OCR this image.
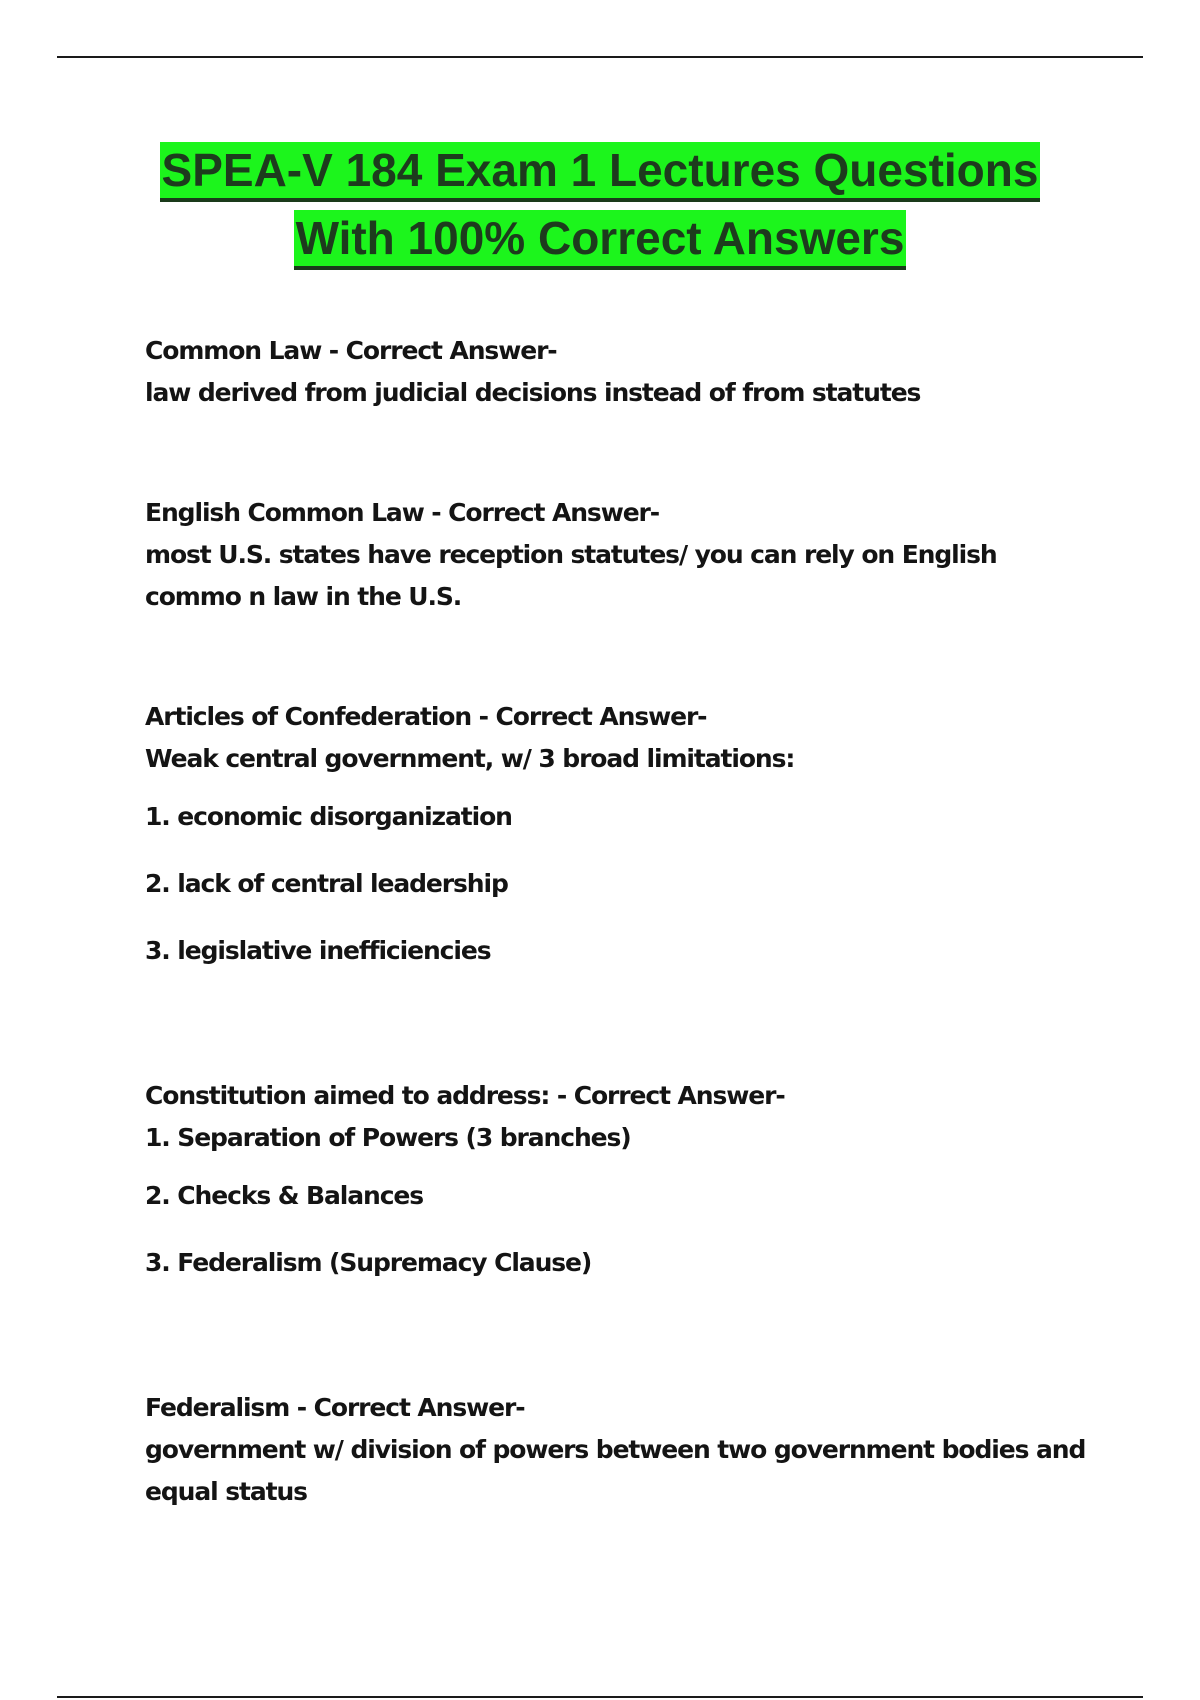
SPEA-V 184 Exam 1 Lectures Questions
With 100% Correct Answers

Common Law - Correct Answer-

law derived from judicial decisions instead of from statutes

English Common Law - Correct Answer-

most U.S. states have reception statutes/ you can rely on English commo n law in the U.S.

Articles of Confederation - Correct Answer-

Weak central government, w/ 3 broad limitations:

1. economic disorganization

2. lack of central leadership

3. legislative inefficiencies

Constitution aimed to address: - Correct Answer-

1. Separation of Powers (3 branches)

2. Checks & Balances

3. Federalism (Supremacy Clause)

Federalism - Correct Answer-

government w/ division of powers between two government bodies and equal status
